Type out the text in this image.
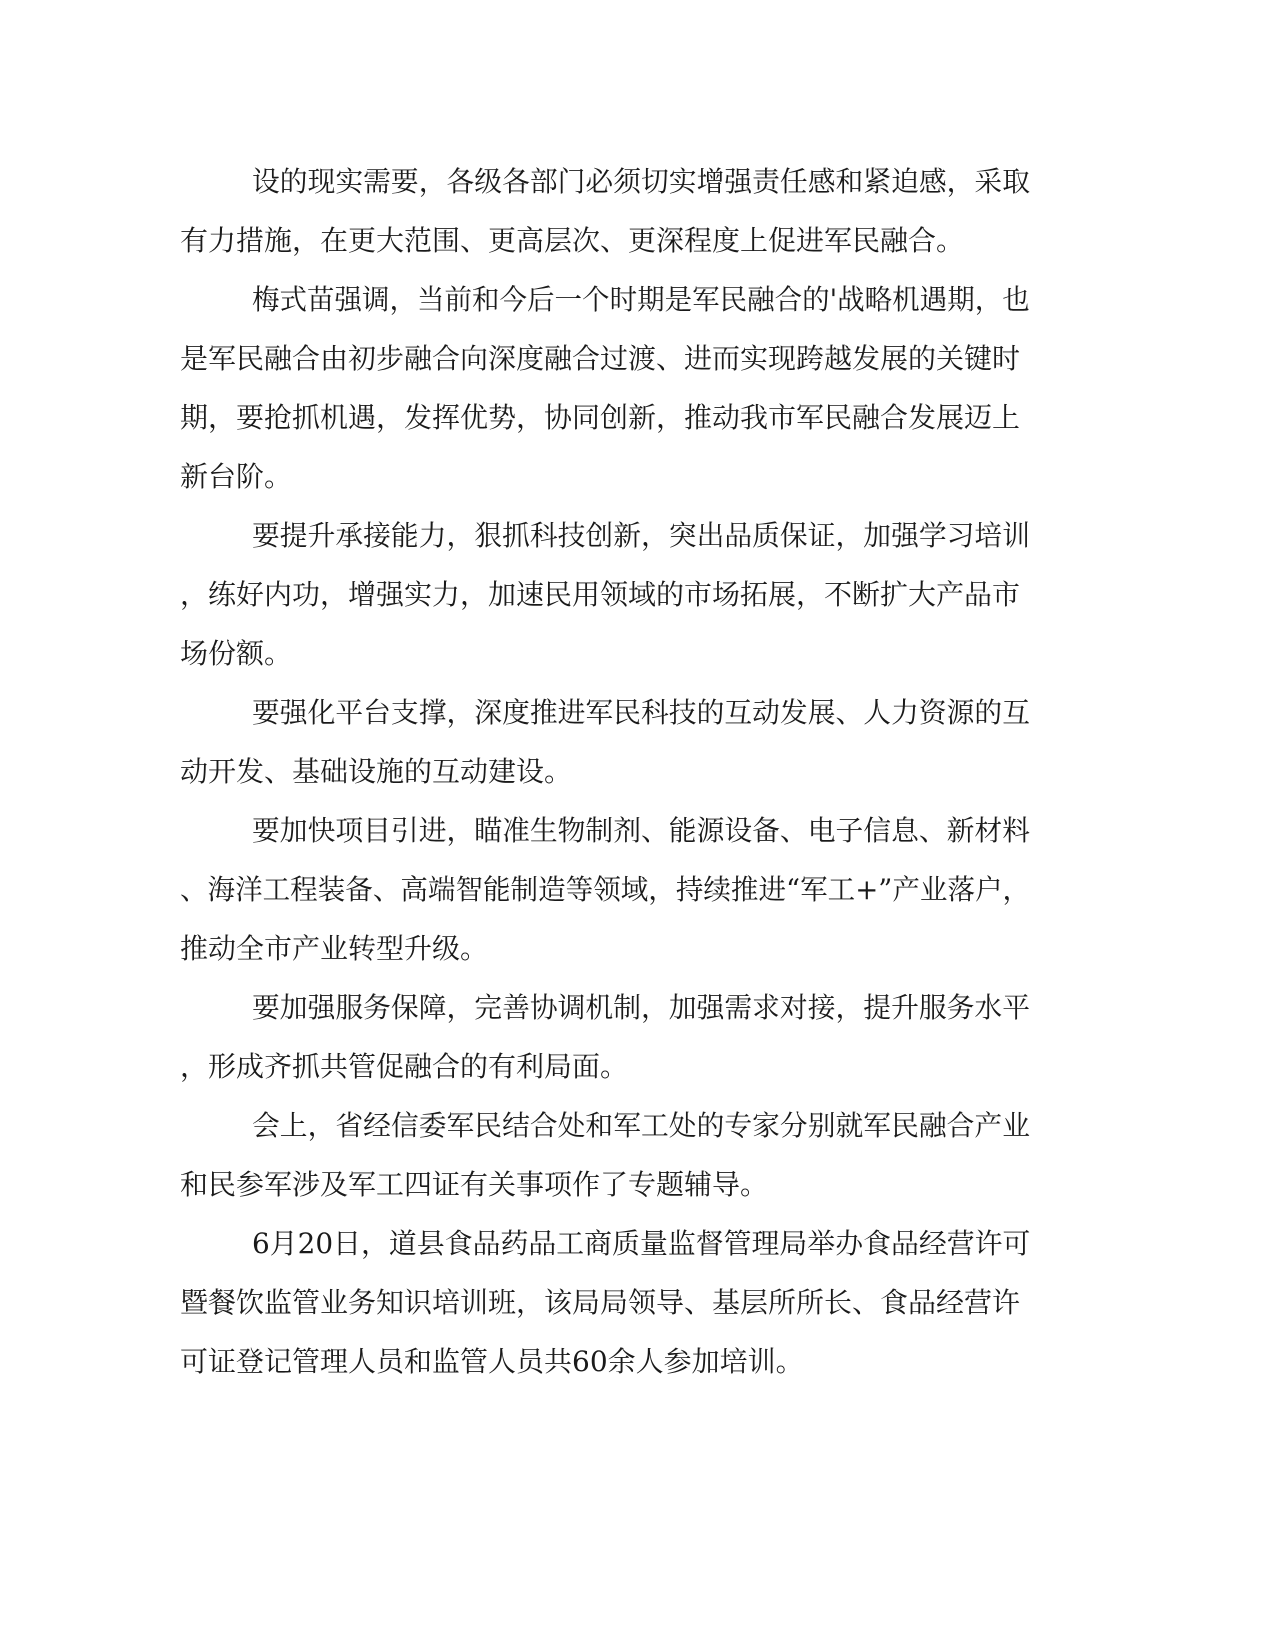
设的现实需要，各级各部门必须切实增强责任感和紧迫感，采取

有力措施，在更大范围、更高层次、更深程度上促进军民融合。

梅式苗强调，当前和今后一个时期是军民融合的'战略机遇期，也

是军民融合由初步融合向深度融合过渡、进而实现跨越发展的关键时

期，要抢抓机遇，发挥优势，协同创新，推动我市军民融合发展迈上

新台阶。

要提升承接能力，狠抓科技创新，突出品质保证，加强学习培训

，练好内功，增强实力，加速民用领域的市场拓展，不断扩大产品市

场份额。

要强化平台支撑，深度推进军民科技的互动发展、人力资源的互

动开发、基础设施的互动建设。

要加快项目引进，瞄准生物制剂、能源设备、电子信息、新材料

、海洋工程装备、高端智能制造等领域，持续推进“军工+”产业落户，

推动全市产业转型升级。

要加强服务保障，完善协调机制，加强需求对接，提升服务水平

，形成齐抓共管促融合的有利局面。

会上，省经信委军民结合处和军工处的专家分别就军民融合产业

和民参军涉及军工四证有关事项作了专题辅导。

6月20日，道县食品药品工商质量监督管理局举办食品经营许可

暨餐饮监管业务知识培训班，该局局领导、基层所所长、食品经营许

可证登记管理人员和监管人员共60余人参加培训。
